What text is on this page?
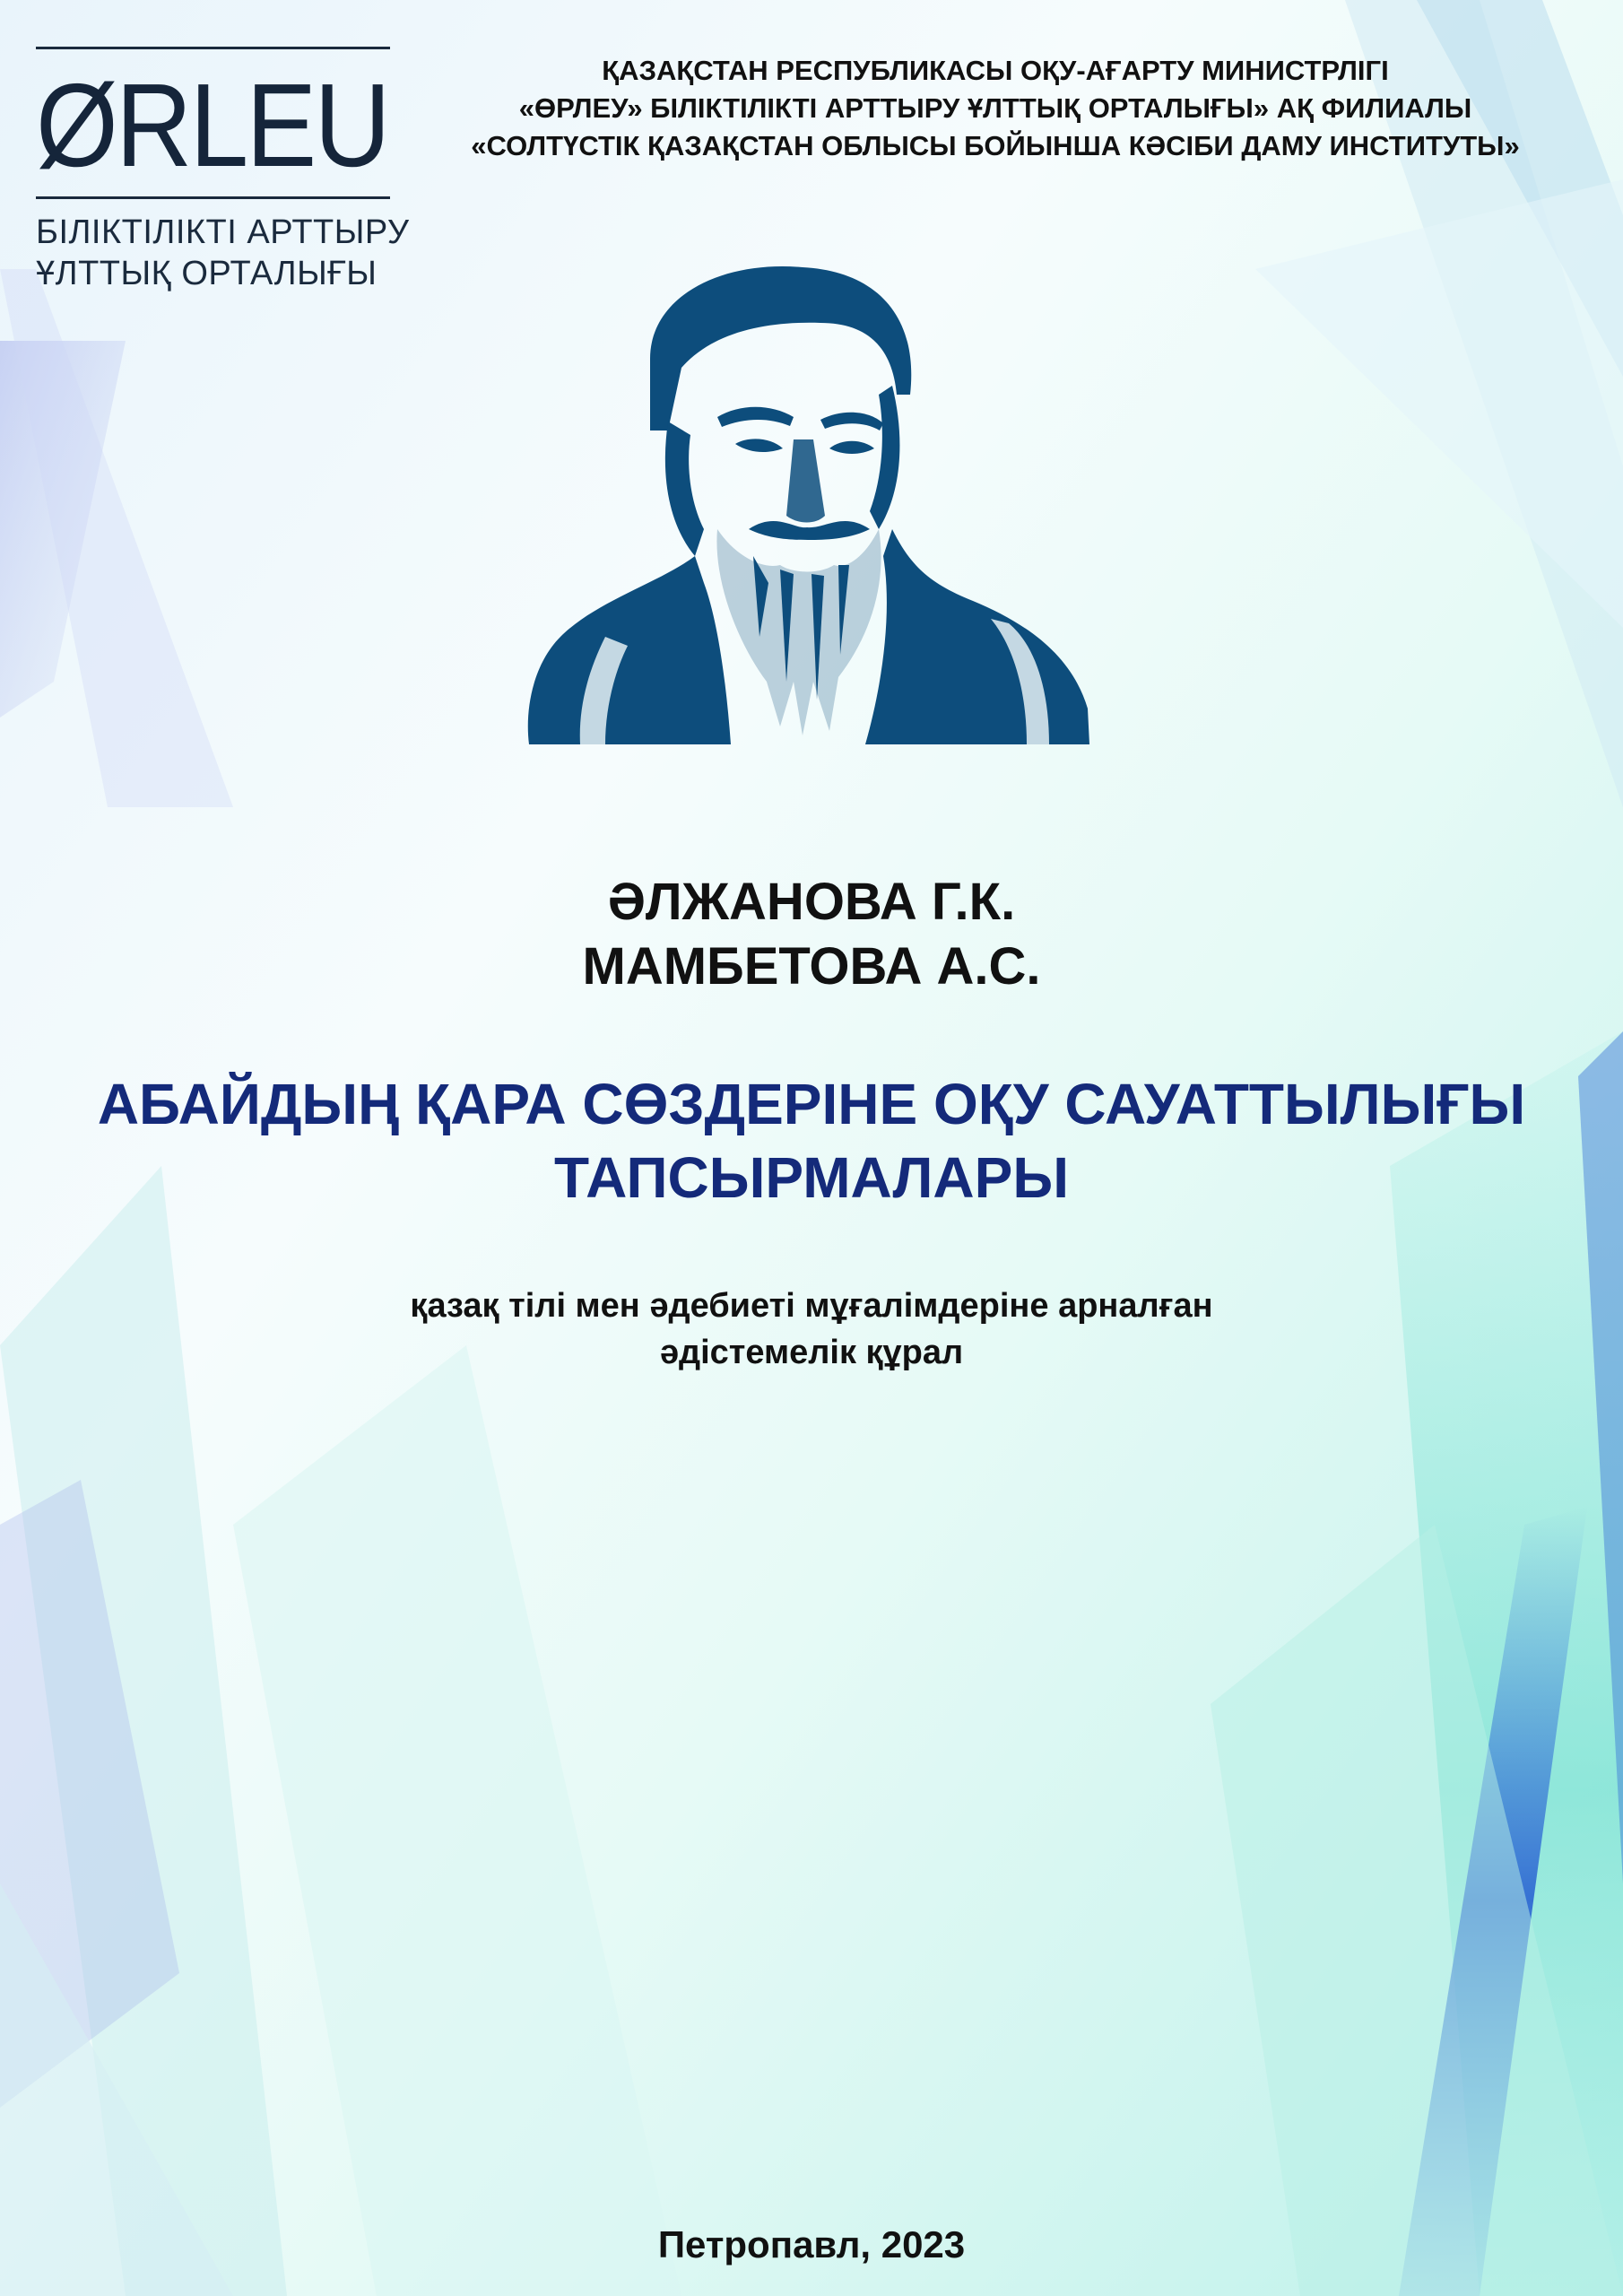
ØRLEU
БІЛІКТІЛІКТІ АРТТЫРУ
ҰЛТТЫҚ ОРТАЛЫҒЫ
ҚАЗАҚСТАН РЕСПУБЛИКАСЫ ОҚУ-АҒАРТУ МИНИСТРЛІГІ
«ӨРЛЕУ» БІЛІКТІЛІКТІ АРТТЫРУ ҰЛТТЫҚ ОРТАЛЫҒЫ» АҚ ФИЛИАЛЫ
«СОЛТҮСТІК ҚАЗАҚСТАН ОБЛЫСЫ БОЙЫНША КӘСІБИ ДАМУ ИНСТИТУТЫ»
ӘЛЖАНОВА Г.К.
МАМБЕТОВА А.С.
АБАЙДЫҢ ҚАРА СӨЗДЕРІНЕ ОҚУ САУАТТЫЛЫҒЫ
ТАПСЫРМАЛАРЫ
қазақ тілі мен әдебиеті мұғалімдеріне арналған
әдістемелік құрал
Петропавл, 2023
